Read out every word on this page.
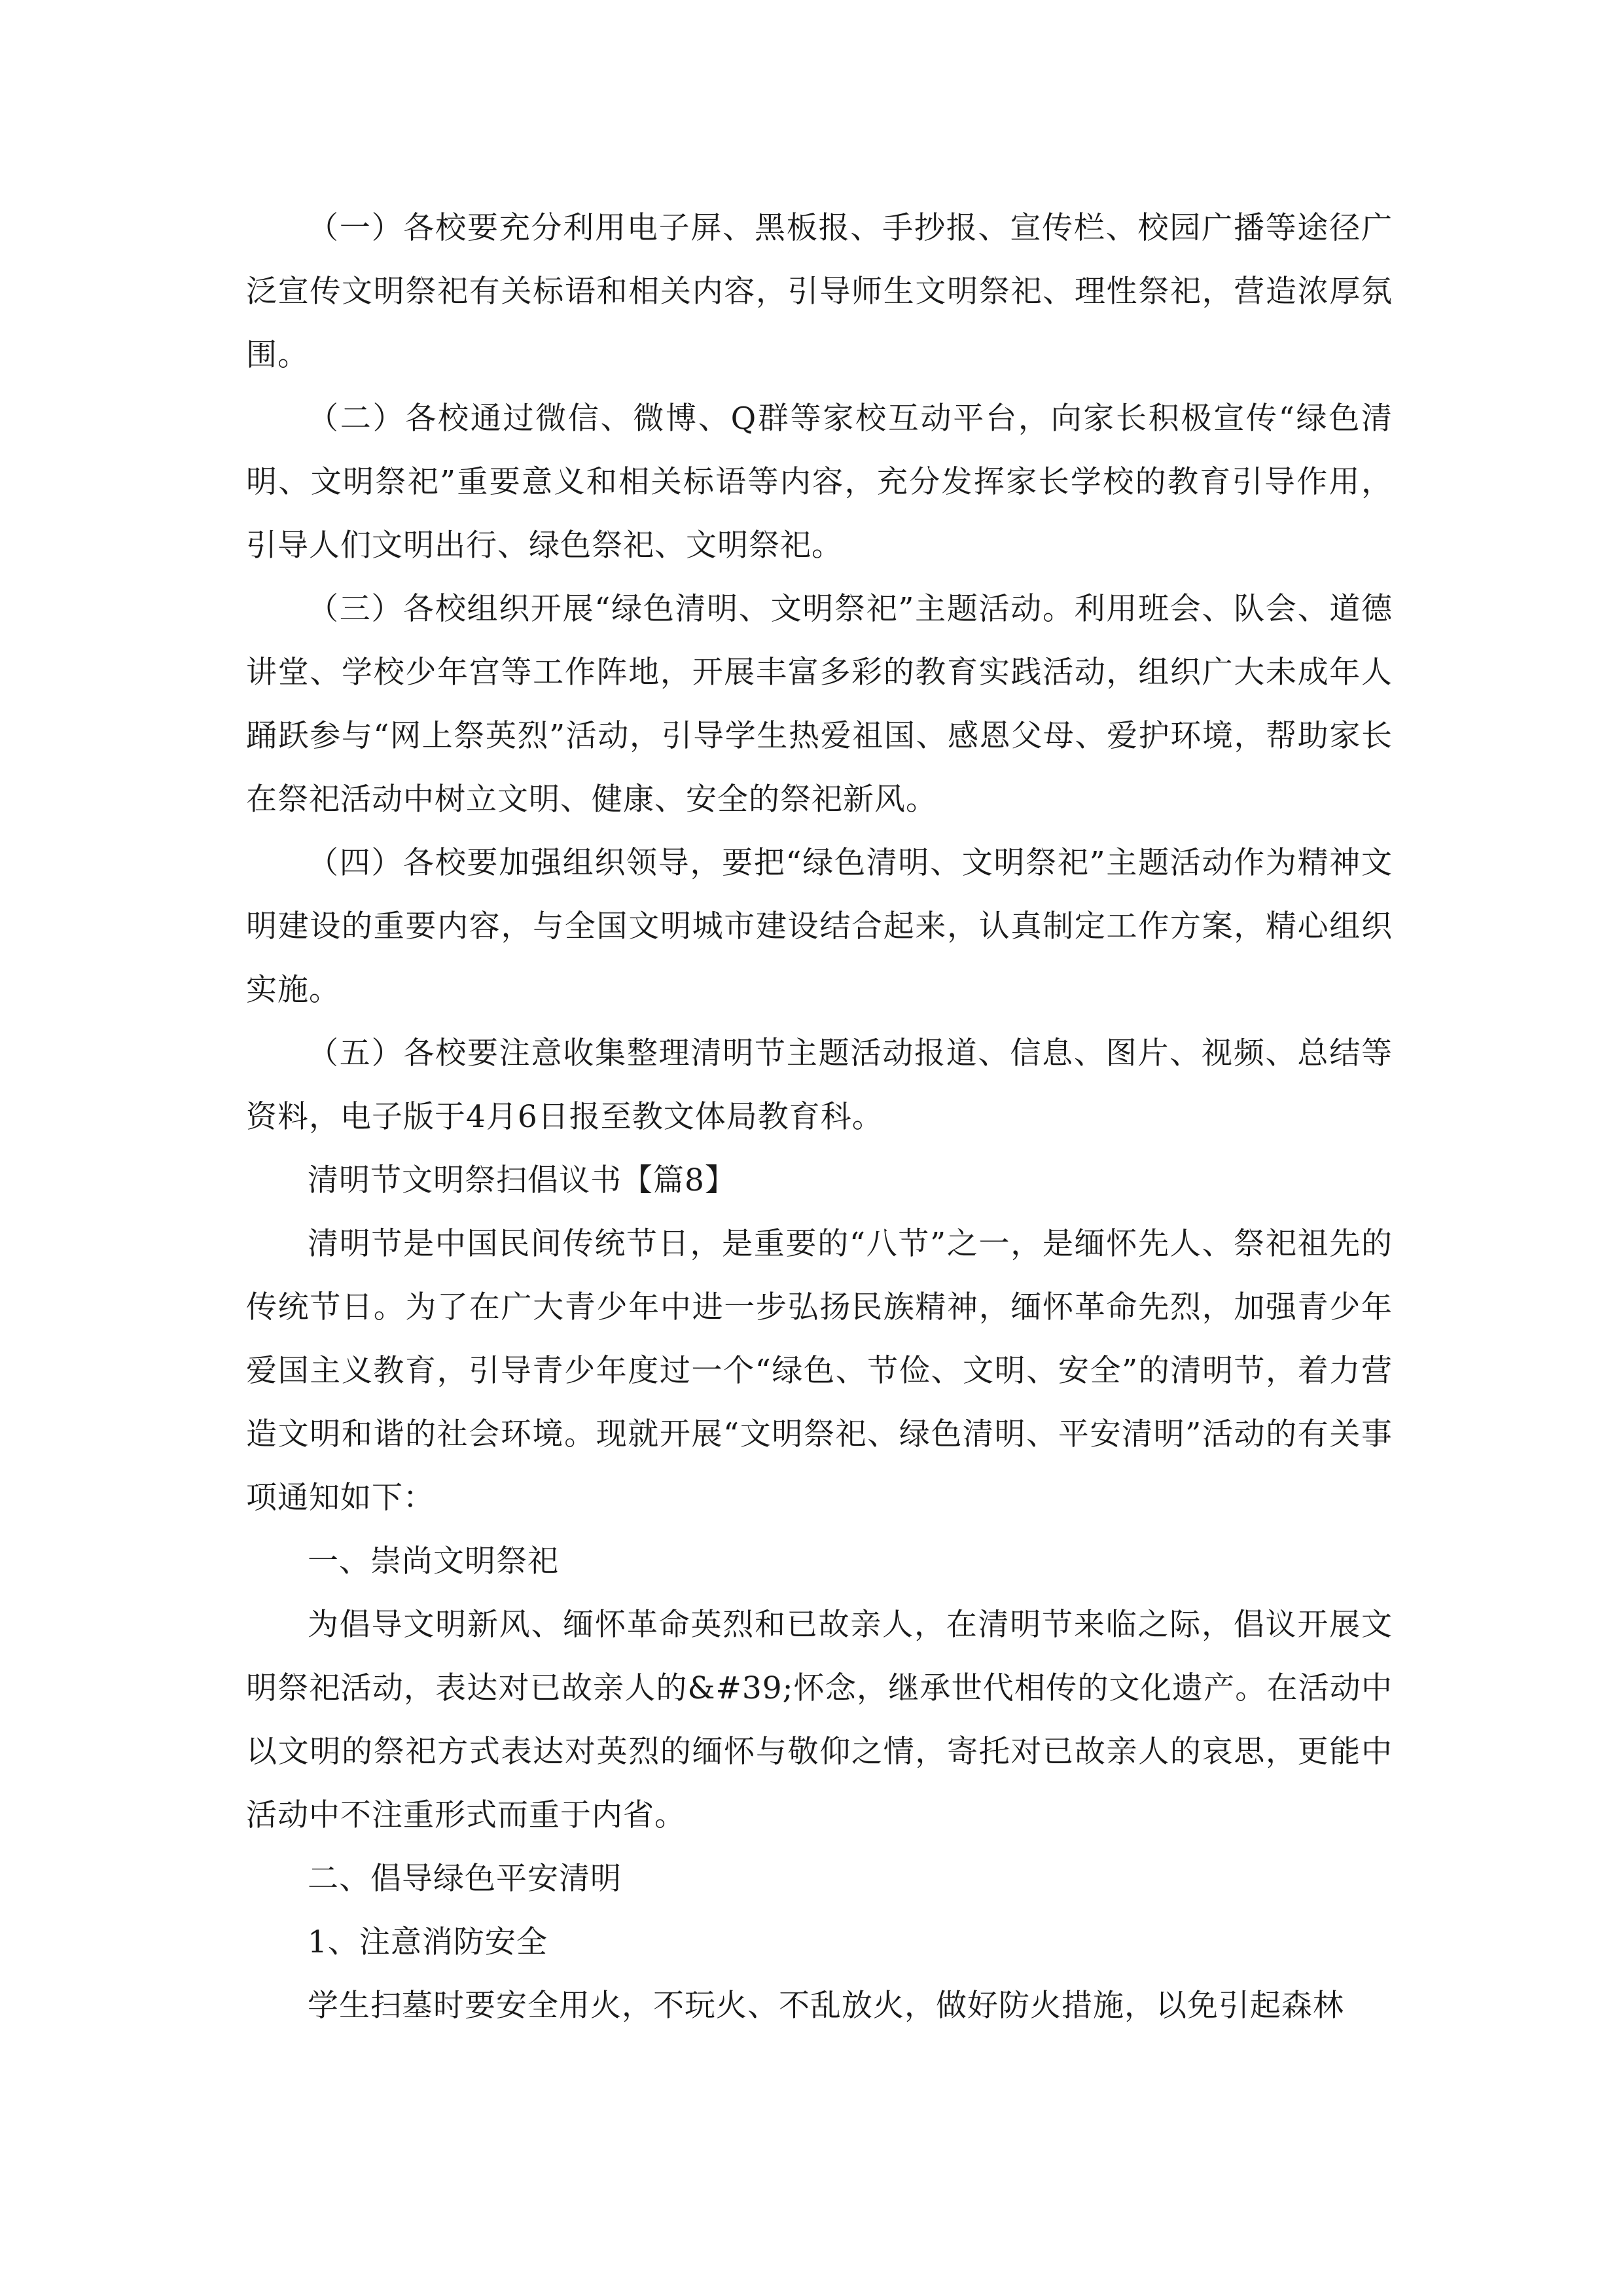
（一）各校要充分利用电子屏、黑板报、手抄报、宣传栏、校园广播等途径广泛宣传文明祭祀有关标语和相关内容，引导师生文明祭祀、理性祭祀，营造浓厚氛围。

（二）各校通过微信、微博、Q群等家校互动平台，向家长积极宣传“绿色清明、文明祭祀”重要意义和相关标语等内容，充分发挥家长学校的教育引导作用，引导人们文明出行、绿色祭祀、文明祭祀。

（三）各校组织开展“绿色清明、文明祭祀”主题活动。利用班会、队会、道德讲堂、学校少年宫等工作阵地，开展丰富多彩的教育实践活动，组织广大未成年人踊跃参与“网上祭英烈”活动，引导学生热爱祖国、感恩父母、爱护环境，帮助家长在祭祀活动中树立文明、健康、安全的祭祀新风。

（四）各校要加强组织领导，要把“绿色清明、文明祭祀”主题活动作为精神文明建设的重要内容，与全国文明城市建设结合起来，认真制定工作方案，精心组织实施。

（五）各校要注意收集整理清明节主题活动报道、信息、图片、视频、总结等资料，电子版于4月6日报至教文体局教育科。

清明节文明祭扫倡议书【篇8】

清明节是中国民间传统节日，是重要的“八节”之一，是缅怀先人、祭祀祖先的传统节日。为了在广大青少年中进一步弘扬民族精神，缅怀革命先烈，加强青少年爱国主义教育，引导青少年度过一个“绿色、节俭、文明、安全”的清明节，着力营造文明和谐的社会环境。现就开展“文明祭祀、绿色清明、平安清明”活动的有关事项通知如下：

一、崇尚文明祭祀

为倡导文明新风、缅怀革命英烈和已故亲人，在清明节来临之际，倡议开展文明祭祀活动，表达对已故亲人的&#39;怀念，继承世代相传的文化遗产。在活动中以文明的祭祀方式表达对英烈的缅怀与敬仰之情，寄托对已故亲人的哀思，更能中活动中不注重形式而重于内省。

二、倡导绿色平安清明

1、注意消防安全

学生扫墓时要安全用火，不玩火、不乱放火，做好防火措施，以免引起森林
